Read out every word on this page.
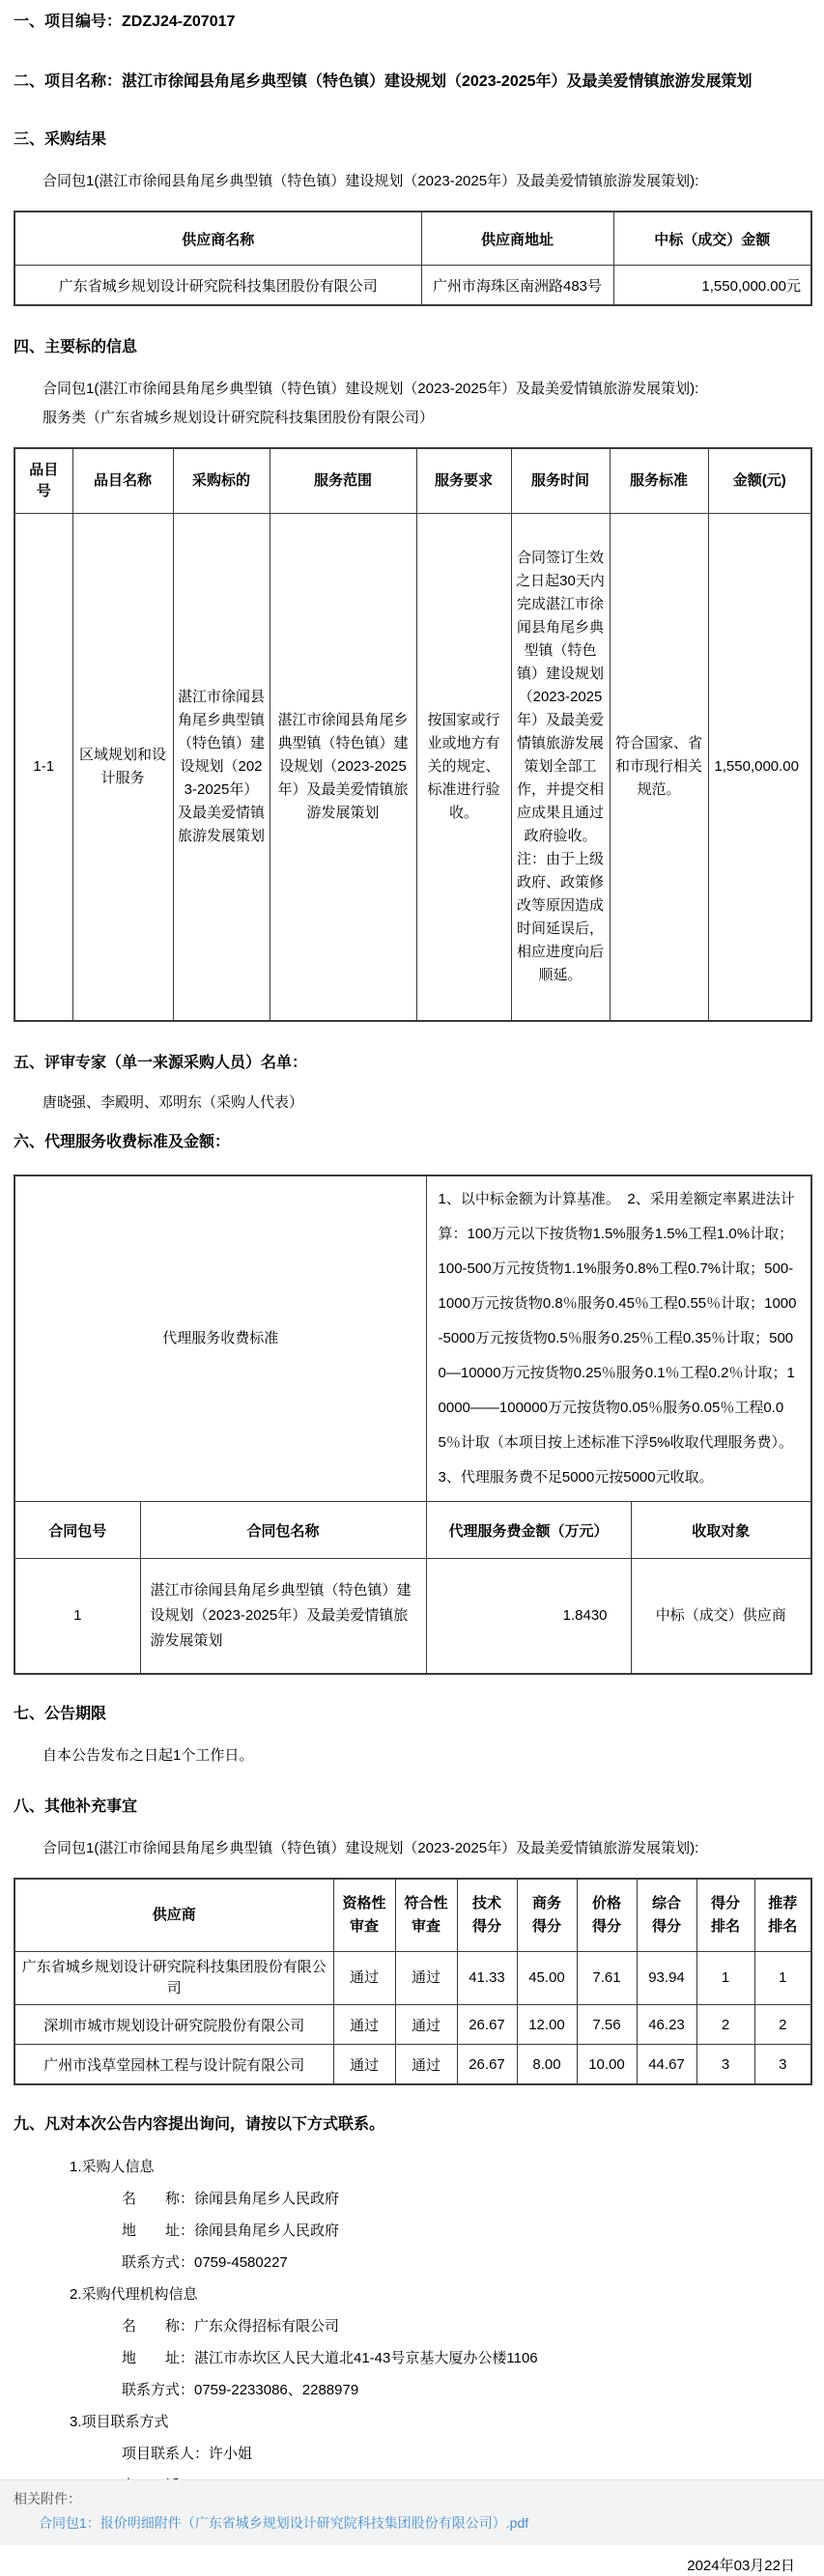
一、项目编号：ZDZJ24-Z07017
二、项目名称：湛江市徐闻县角尾乡典型镇（特色镇）建设规划（2023-2025年）及最美爱情镇旅游发展策划
三、采购结果
合同包1(湛江市徐闻县角尾乡典型镇（特色镇）建设规划（2023-2025年）及最美爱情镇旅游发展策划):
供应商名称	供应商地址	中标（成交）金额
广东省城乡规划设计研究院科技集团股份有限公司	广州市海珠区南洲路483号	1,550,000.00元
四、主要标的信息
合同包1(湛江市徐闻县角尾乡典型镇（特色镇）建设规划（2023-2025年）及最美爱情镇旅游发展策划):
服务类（广东省城乡规划设计研究院科技集团股份有限公司）
品目号	品目名称	采购标的	服务范围	服务要求	服务时间	服务标准	金额(元)
1-1	区域规划和设计服务	湛江市徐闻县角尾乡典型镇（特色镇）建设规划（2023-2025年）及最美爱情镇旅游发展策划	湛江市徐闻县角尾乡典型镇（特色镇）建设规划（2023-2025年）及最美爱情镇旅游发展策划	按国家或行业或地方有关的规定、标准进行验收。	合同签订生效之日起30天内完成湛江市徐闻县角尾乡典型镇（特色镇）建设规划（2023-2025年）及最美爱情镇旅游发展策划全部工作，并提交相应成果且通过政府验收。 注：由于上级政府、政策修改等原因造成时间延误后，相应进度向后顺延。	符合国家、省和市现行相关规范。	1,550,000.00
五、评审专家（单一来源采购人员）名单：
唐晓强、李殿明、邓明东（采购人代表）
六、代理服务收费标准及金额：
代理服务收费标准		1、以中标金额为计算基准。　2、采用差额定率累进法计算：100万元以下按货物1.5%服务1.5%工程1.0%计取；100-500万元按货物1.1%服务0.8%工程0.7%计取；500-1000万元按货物0.8％服务0.45％工程0.55％计取；1000-5000万元按货物0.5％服务0.25％工程0.35％计取；5000—10000万元按货物0.25％服务0.1％工程0.2％计取；10000——100000万元按货物0.05％服务0.05％工程0.05％计取（本项目按上述标准下浮5%收取代理服务费）。3、代理服务费不足5000元按5000元收取。	
合同包号	合同包名称	代理服务费金额（万元）	收取对象
1	湛江市徐闻县角尾乡典型镇（特色镇）建设规划（2023-2025年）及最美爱情镇旅游发展策划	1.8430	中标（成交）供应商
七、公告期限
自本公告发布之日起1个工作日。
八、其他补充事宜
合同包1(湛江市徐闻县角尾乡典型镇（特色镇）建设规划（2023-2025年）及最美爱情镇旅游发展策划):
供应商	资格性审查	符合性审查	技术得分	商务得分	价格得分	综合得分	得分排名	推荐排名
广东省城乡规划设计研究院科技集团股份有限公司	通过	通过	41.33	45.00	7.61	93.94	1	1
深圳市城市规划设计研究院股份有限公司	通过	通过	26.67	12.00	7.56	46.23	2	2
广州市浅草堂园林工程与设计院有限公司	通过	通过	26.67	8.00	10.00	44.67	3	3
九、凡对本次公告内容提出询问，请按以下方式联系。
1.采购人信息
名　　称：徐闻县角尾乡人民政府
地　　址：徐闻县角尾乡人民政府
联系方式：0759-4580227
2.采购代理机构信息
名　　称：广东众得招标有限公司
地　　址：湛江市赤坎区人民大道北41-43号京基大厦办公楼1106
联系方式：0759-2233086、2288979
3.项目联系方式
项目联系人：许小姐
2024年03月22日
相关附件：
合同包1：报价明细附件（广东省城乡规划设计研究院科技集团股份有限公司）.pdf
